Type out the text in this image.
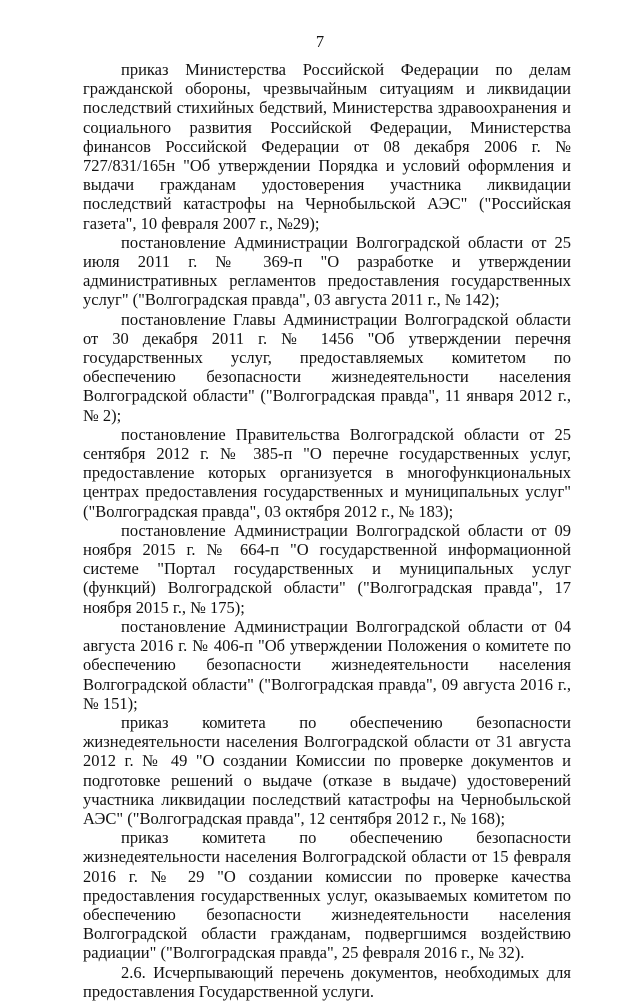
7

приказ Министерства Российской Федерации по делам гражданской обороны, чрезвычайным ситуациям и ликвидации последствий стихийных бедствий, Министерства здравоохранения и социального развития Российской Федерации, Министерства финансов Российской Федерации от 08 декабря 2006 г. № 727/831/165н "Об утверждении Порядка и условий оформления и выдачи гражданам удостоверения участника ликвидации последствий катастрофы на Чернобыльской АЭС" ("Российская газета", 10 февраля 2007 г., №29);

постановление Администрации Волгоградской области от 25 июля 2011 г. № 369-п "О разработке и утверждении административных регламентов предоставления государственных услуг" ("Волгоградская правда", 03 августа 2011 г., № 142);

постановление Главы Администрации Волгоградской области от 30 декабря 2011 г. № 1456 "Об утверждении перечня государственных услуг, предоставляемых комитетом по обеспечению безопасности жизнедеятельности населения Волгоградской области" ("Волгоградская правда", 11 января 2012 г., № 2);

постановление Правительства Волгоградской области от 25 сентября 2012 г. № 385-п "О перечне государственных услуг, предоставление которых организуется в многофункциональных центрах предоставления государственных и муниципальных услуг" ("Волгоградская правда", 03 октября 2012 г., № 183);

постановление Администрации Волгоградской области от 09 ноября 2015 г. № 664-п "О государственной информационной системе "Портал государственных и муниципальных услуг (функций) Волгоградской области" ("Волгоградская правда", 17 ноября 2015 г., № 175);

постановление Администрации Волгоградской области от 04 августа 2016 г. № 406-п "Об утверждении Положения о комитете по обеспечению безопасности жизнедеятельности населения Волгоградской области" ("Волгоградская правда", 09 августа 2016 г., № 151);

приказ комитета по обеспечению безопасности жизнедеятельности населения Волгоградской области от 31 августа 2012 г. № 49 "О создании Комиссии по проверке документов и подготовке решений о выдаче (отказе в выдаче) удостоверений участника ликвидации последствий катастрофы на Чернобыльской АЭС" ("Волгоградская правда", 12 сентября 2012 г., № 168);

приказ комитета по обеспечению безопасности жизнедеятельности населения Волгоградской области от 15 февраля 2016 г. № 29 "О создании комиссии по проверке качества предоставления государственных услуг, оказываемых комитетом по обеспечению безопасности жизнедеятельности населения Волгоградской области гражданам, подвергшимся воздействию радиации" ("Волгоградская правда", 25 февраля 2016 г., № 32).

2.6. Исчерпывающий перечень документов, необходимых для предоставления Государственной услуги.
